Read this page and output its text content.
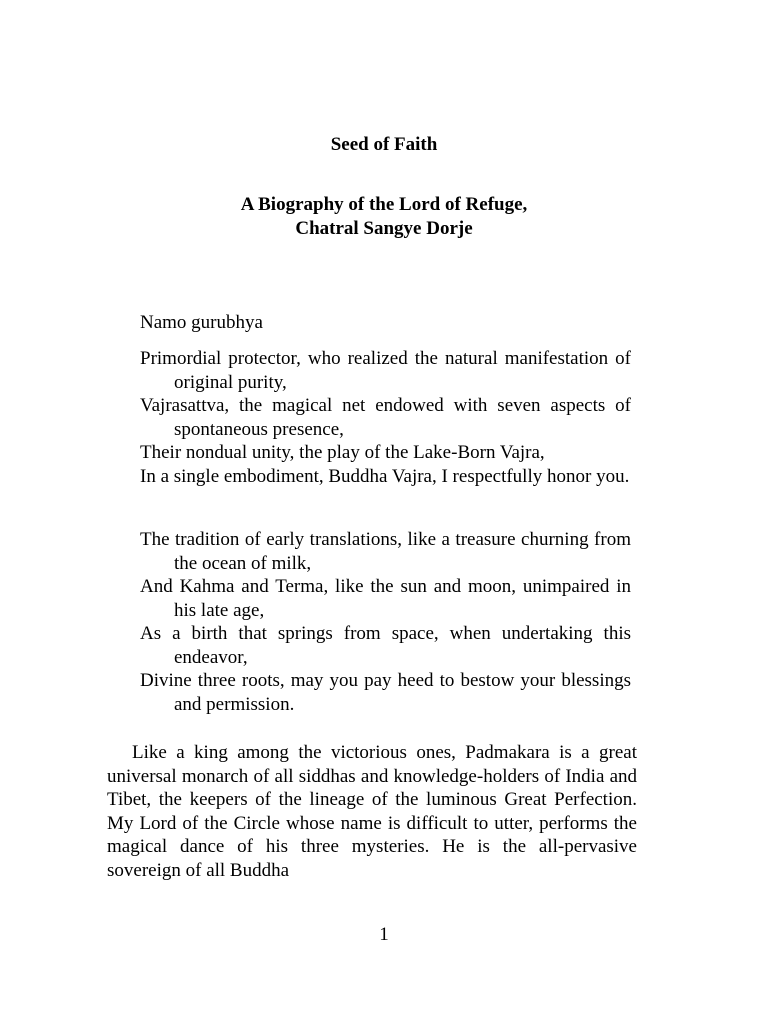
Seed of Faith
A Biography of the Lord of Refuge,
Chatral Sangye Dorje
Namo gurubhya
Primordial protector, who realized the natural manifestation of original purity,
Vajrasattva, the magical net endowed with seven aspects of spontaneous presence,
Their nondual unity, the play of the Lake-Born Vajra,
In a single embodiment, Buddha Vajra, I respectfully honor you.
The tradition of early translations, like a treasure churning from the ocean of milk,
And Kahma and Terma, like the sun and moon, unimpaired in his late age,
As a birth that springs from space, when undertaking this endeavor,
Divine three roots, may you pay heed to bestow your blessings and permission.
Like a king among the victorious ones, Padmakara is a great universal monarch of all siddhas and knowledge-holders of India and Tibet, the keepers of the lineage of the luminous Great Perfection. My Lord of the Circle whose name is difficult to utter, performs the magical dance of his three mysteries. He is the all-pervasive sovereign of all Buddha
1
